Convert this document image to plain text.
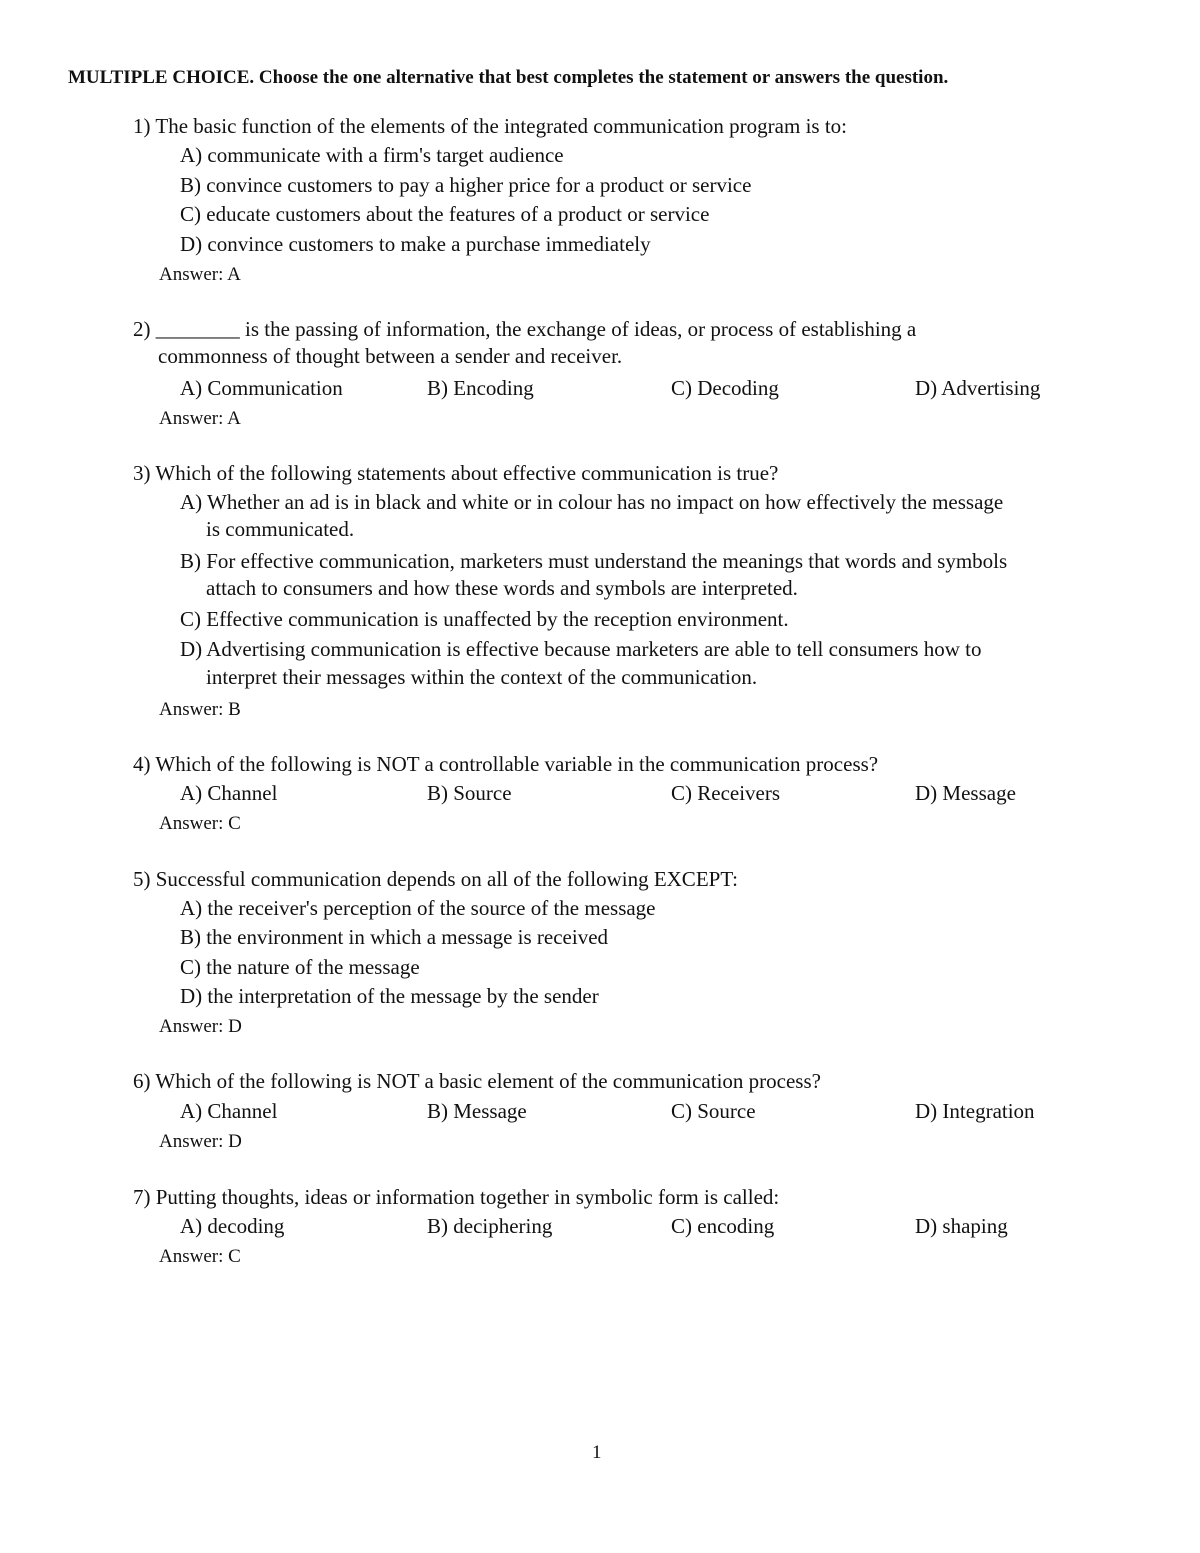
MULTIPLE CHOICE. Choose the one alternative that best completes the statement or answers the question.
1) The basic function of the elements of the integrated communication program is to:
A) communicate with a firm's target audience
B) convince customers to pay a higher price for a product or service
C) educate customers about the features of a product or service
D) convince customers to make a purchase immediately
Answer: A
2) ________ is the passing of information, the exchange of ideas, or process of establishing a
commonness of thought between a sender and receiver.
A) Communication	B) Encoding	C) Decoding	D) Advertising
Answer: A
3) Which of the following statements about effective communication is true?
A) Whether an ad is in black and white or in colour has no impact on how effectively the message
is communicated.
B) For effective communication, marketers must understand the meanings that words and symbols
attach to consumers and how these words and symbols are interpreted.
C) Effective communication is unaffected by the reception environment.
D) Advertising communication is effective because marketers are able to tell consumers how to
interpret their messages within the context of the communication.
Answer: B
4) Which of the following is NOT a controllable variable in the communication process?
A) Channel	B) Source	C) Receivers	D) Message
Answer: C
5) Successful communication depends on all of the following EXCEPT:
A) the receiver's perception of the source of the message
B) the environment in which a message is received
C) the nature of the message
D) the interpretation of the message by the sender
Answer: D
6) Which of the following is NOT a basic element of the communication process?
A) Channel	B) Message	C) Source	D) Integration
Answer: D
7) Putting thoughts, ideas or information together in symbolic form is called:
A) decoding	B) deciphering	C) encoding	D) shaping
Answer: C
1
